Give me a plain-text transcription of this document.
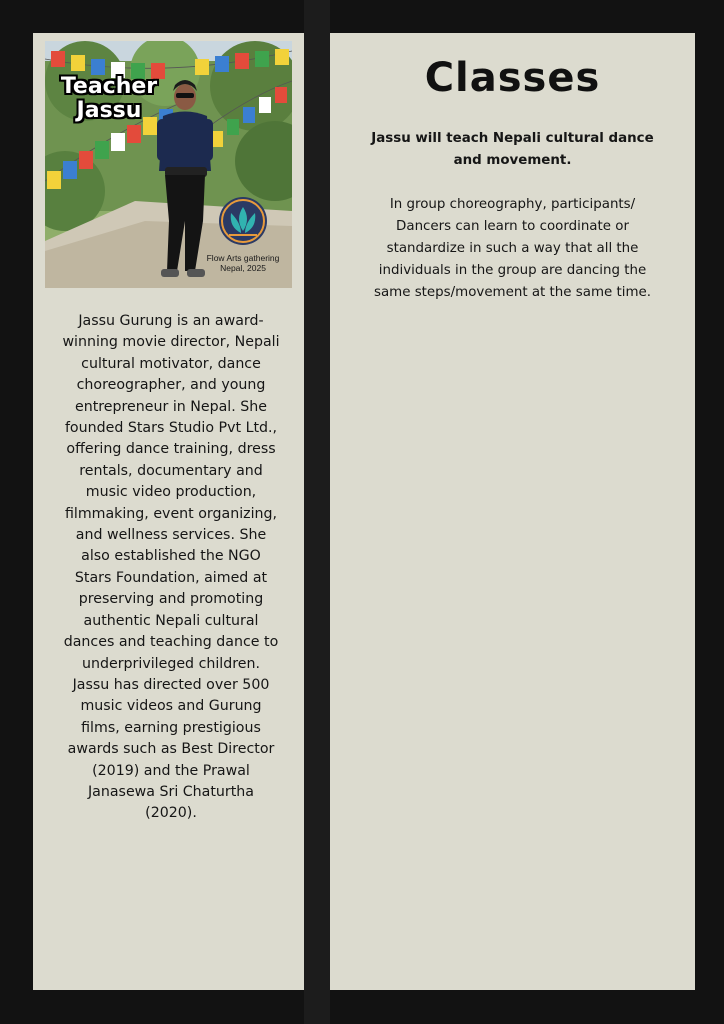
Teacher
Jassu
Flow Arts gathering
Nepal, 2025
Jassu Gurung is an award-
winning movie director, Nepali
cultural motivator, dance
choreographer, and young
entrepreneur in Nepal. She
founded Stars Studio Pvt Ltd.,
offering dance training, dress
rentals, documentary and
music video production,
filmmaking, event organizing,
and wellness services. She
also established the NGO
Stars Foundation, aimed at
preserving and promoting
authentic Nepali cultural
dances and teaching dance to
underprivileged children.
Jassu has directed over 500
music videos and Gurung
films, earning prestigious
awards such as Best Director
(2019) and the Prawal
Janasewa Sri Chaturtha
(2020).
Classes
Jassu will teach Nepali cultural dance
and movement.
In group choreography, participants/
Dancers can learn to coordinate or
standardize in such a way that all the
individuals in the group are dancing the
same steps/movement at the same time.
